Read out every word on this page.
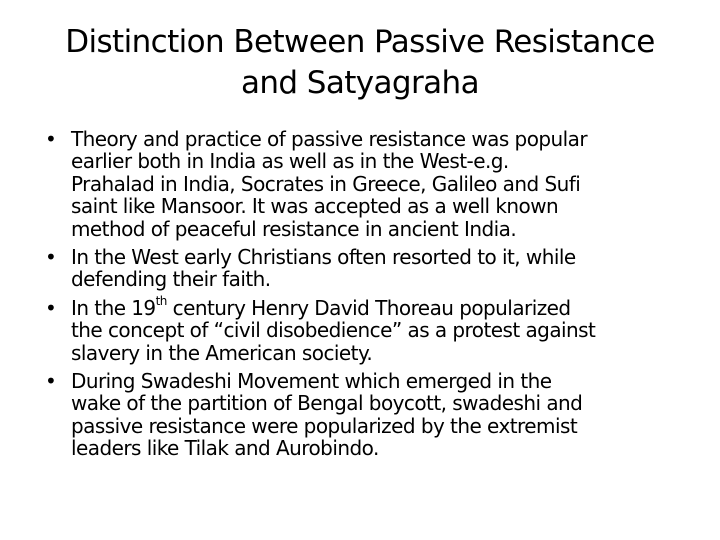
Distinction Between Passive Resistance
and Satyagraha
• Theory and practice of passive resistance was popular
earlier both in India as well as in the West-e.g.
Prahalad in India, Socrates in Greece, Galileo and Sufi
saint like Mansoor. It was accepted as a well known
method of peaceful resistance in ancient India.
• In the West early Christians often resorted to it, while
defending their faith.
• In the 19th century Henry David Thoreau popularized
the concept of “civil disobedience” as a protest against
slavery in the American society.
• During Swadeshi Movement which emerged in the
wake of the partition of Bengal boycott, swadeshi and
passive resistance were popularized by the extremist
leaders like Tilak and Aurobindo.
